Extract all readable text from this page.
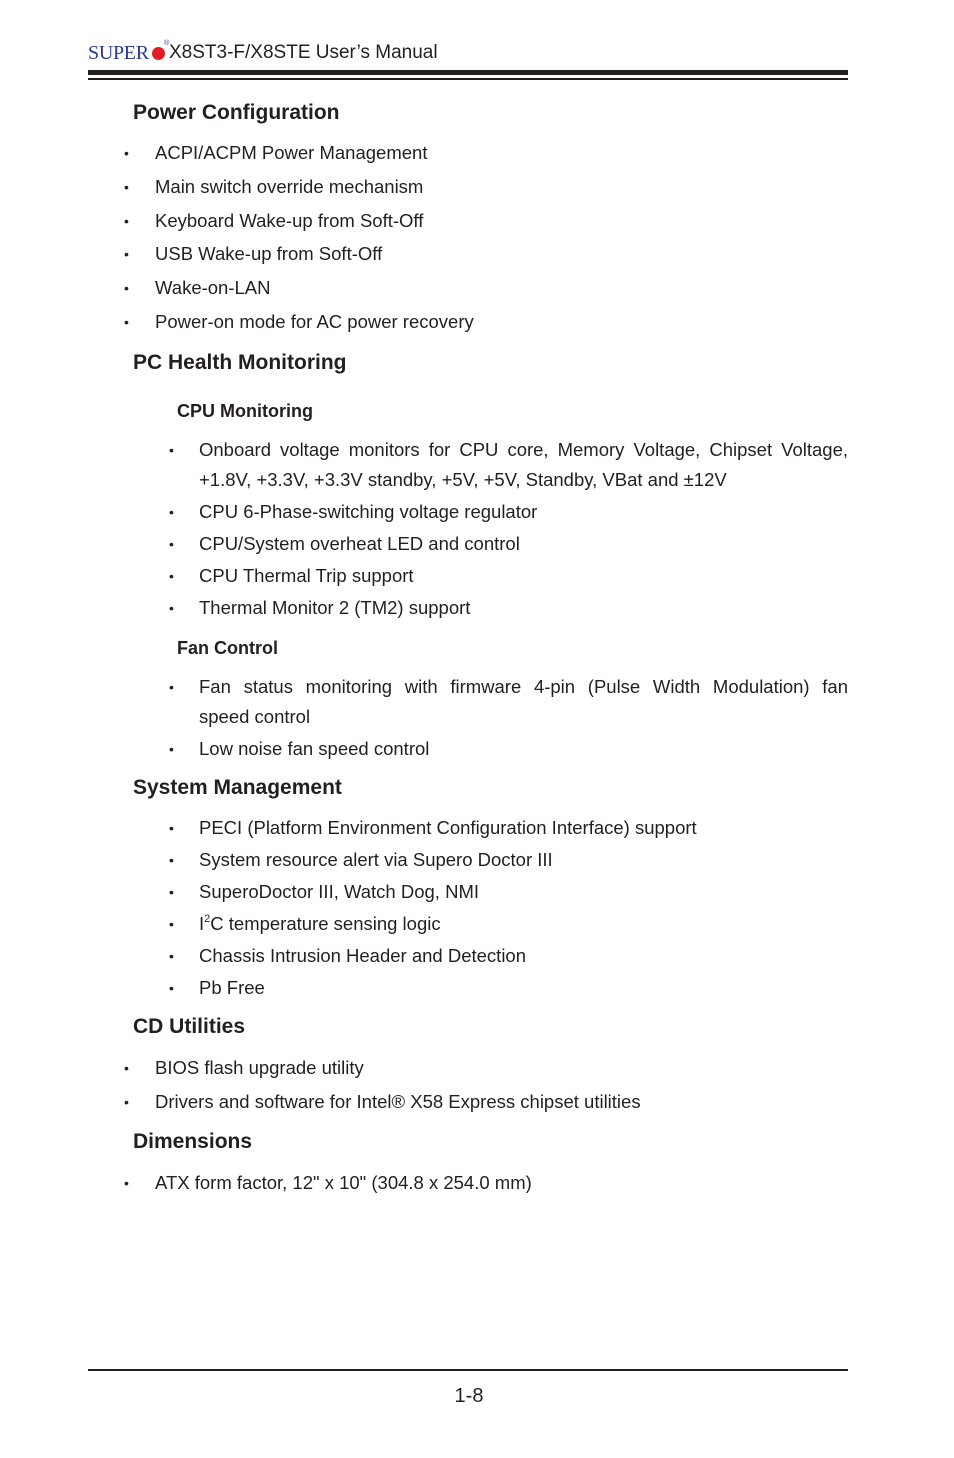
SUPER ® X8ST3-F/X8STE User’s Manual
Power Configuration
• ACPI/ACPM Power Management
• Main switch override mechanism
• Keyboard Wake-up from Soft-Off
• USB Wake-up from Soft-Off
• Wake-on-LAN
• Power-on mode for AC power recovery
PC Health Monitoring
CPU Monitoring
• Onboard voltage monitors for CPU core, Memory Voltage, Chipset Voltage,
+1.8V, +3.3V, +3.3V standby, +5V, +5V, Standby, VBat and ±12V
• CPU 6-Phase-switching voltage regulator
• CPU/System overheat LED and control
• CPU Thermal Trip support
• Thermal Monitor 2 (TM2) support
Fan Control
• Fan status monitoring with firmware 4-pin (Pulse Width Modulation) fan
speed control
• Low noise fan speed control
System Management
• PECI (Platform Environment Configuration Interface) support
• System resource alert via Supero Doctor III
• SuperoDoctor III, Watch Dog, NMI
• $I^2C$ temperature sensing logic
• Chassis Intrusion Header and Detection
• Pb Free
CD Utilities
• BIOS flash upgrade utility
• Drivers and software for Intel® X58 Express chipset utilities
Dimensions
• ATX form factor, 12" x 10" (304.8 x 254.0 mm)
1-8
